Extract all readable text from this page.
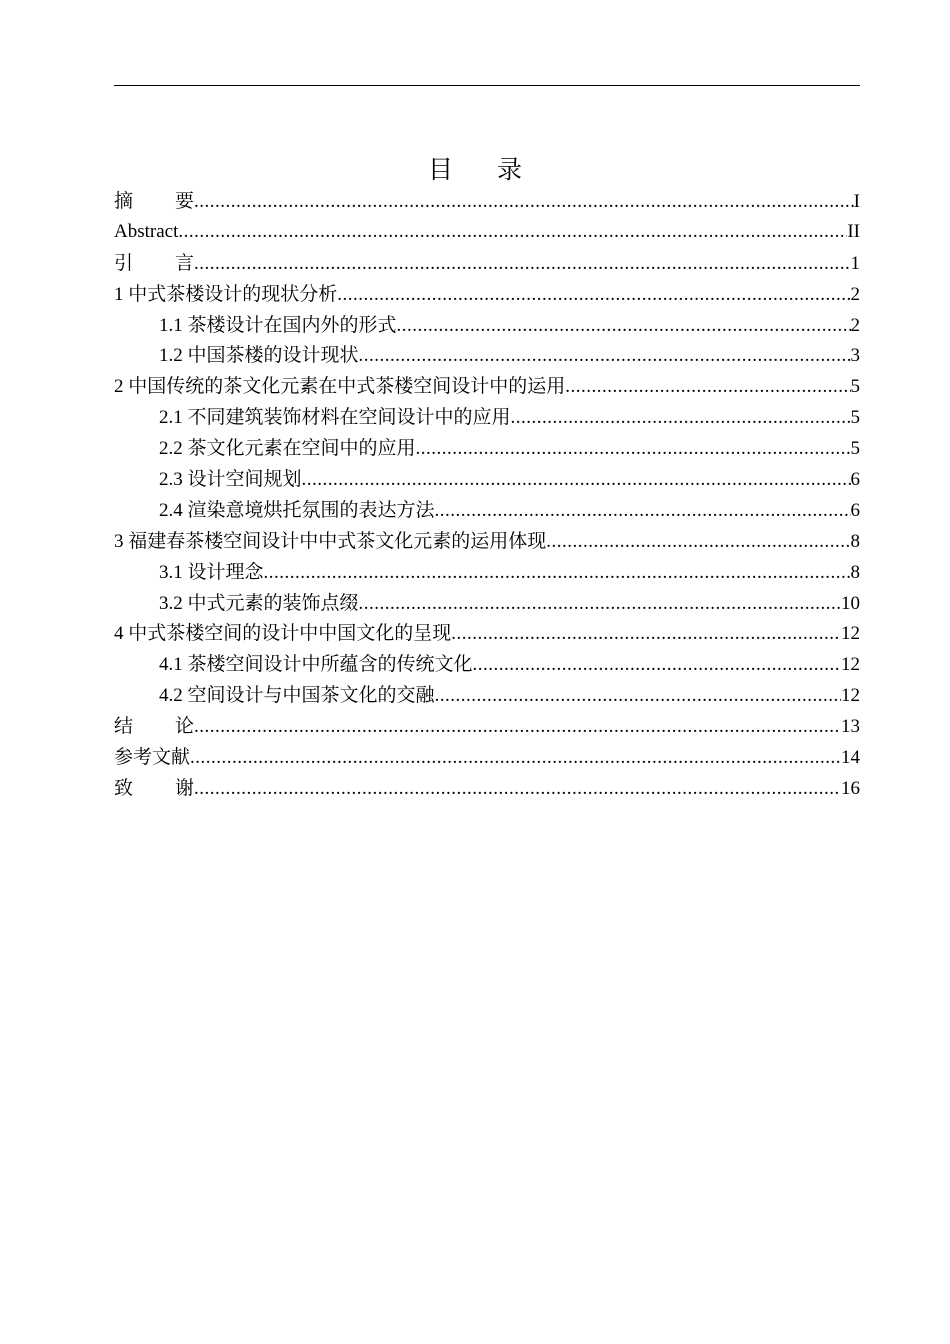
目 录
摘 要 .....	I
Abstract .....	II
引 言 .....	1
1 中式茶楼设计的现状分析 .....	2
1.1 茶楼设计在国内外的形式 .....	2
1.2 中国茶楼的设计现状 .....	3
2 中国传统的茶文化元素在中式茶楼空间设计中的运用 .....	5
2.1 不同建筑装饰材料在空间设计中的应用 .....	5
2.2 茶文化元素在空间中的应用 .....	5
2.3 设计空间规划 .....	6
2.4 渲染意境烘托氛围的表达方法 .....	6
3 福建春茶楼空间设计中中式茶文化元素的运用体现 .....	8
3.1 设计理念 .....	8
3.2 中式元素的装饰点缀 .....	10
4 中式茶楼空间的设计中中国文化的呈现 .....	12
4.1 茶楼空间设计中所蕴含的传统文化 .....	12
4.2 空间设计与中国茶文化的交融 .....	12
结 论 .....	13
参考文献 .....	14
致 谢 .....	16
